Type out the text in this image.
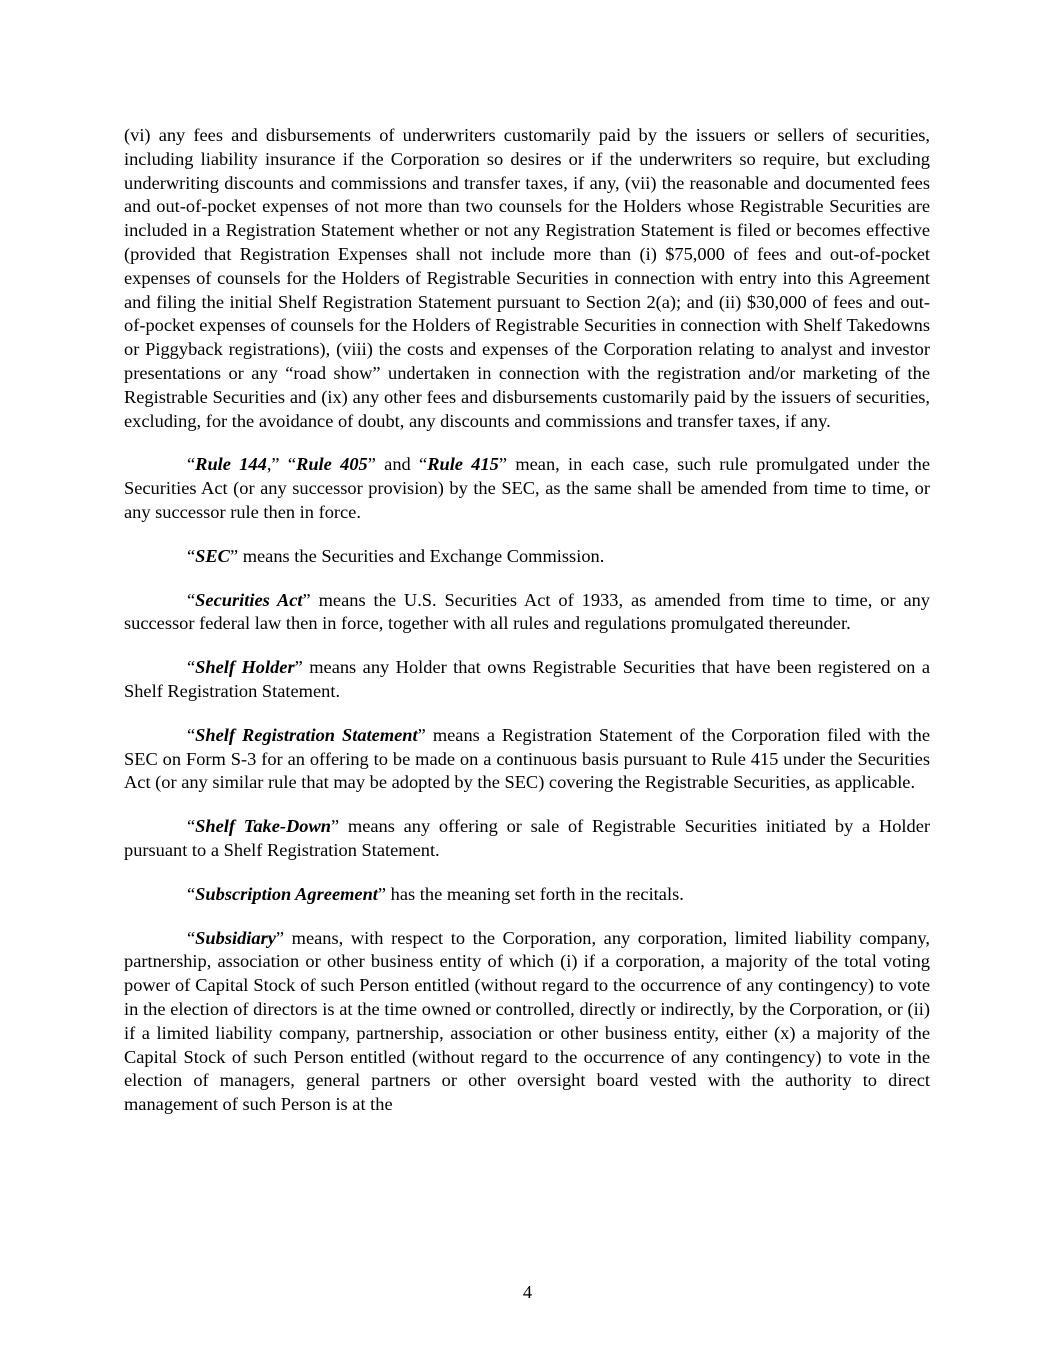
(vi) any fees and disbursements of underwriters customarily paid by the issuers or sellers of securities, including liability insurance if the Corporation so desires or if the underwriters so require, but excluding underwriting discounts and commissions and transfer taxes, if any, (vii) the reasonable and documented fees and out-of-pocket expenses of not more than two counsels for the Holders whose Registrable Securities are included in a Registration Statement whether or not any Registration Statement is filed or becomes effective (provided that Registration Expenses shall not include more than (i) $75,000 of fees and out-of-pocket expenses of counsels for the Holders of Registrable Securities in connection with entry into this Agreement and filing the initial Shelf Registration Statement pursuant to Section 2(a); and (ii) $30,000 of fees and out-of-pocket expenses of counsels for the Holders of Registrable Securities in connection with Shelf Takedowns or Piggyback registrations), (viii) the costs and expenses of the Corporation relating to analyst and investor presentations or any “road show” undertaken in connection with the registration and/or marketing of the Registrable Securities and (ix) any other fees and disbursements customarily paid by the issuers of securities, excluding, for the avoidance of doubt, any discounts and commissions and transfer taxes, if any.

“Rule 144,” “Rule 405” and “Rule 415” mean, in each case, such rule promulgated under the Securities Act (or any successor provision) by the SEC, as the same shall be amended from time to time, or any successor rule then in force.

“SEC” means the Securities and Exchange Commission.

“Securities Act” means the U.S. Securities Act of 1933, as amended from time to time, or any successor federal law then in force, together with all rules and regulations promulgated thereunder.

“Shelf Holder” means any Holder that owns Registrable Securities that have been registered on a Shelf Registration Statement.

“Shelf Registration Statement” means a Registration Statement of the Corporation filed with the SEC on Form S-3 for an offering to be made on a continuous basis pursuant to Rule 415 under the Securities Act (or any similar rule that may be adopted by the SEC) covering the Registrable Securities, as applicable.

“Shelf Take-Down” means any offering or sale of Registrable Securities initiated by a Holder pursuant to a Shelf Registration Statement.

“Subscription Agreement” has the meaning set forth in the recitals.

“Subsidiary” means, with respect to the Corporation, any corporation, limited liability company, partnership, association or other business entity of which (i) if a corporation, a majority of the total voting power of Capital Stock of such Person entitled (without regard to the occurrence of any contingency) to vote in the election of directors is at the time owned or controlled, directly or indirectly, by the Corporation, or (ii) if a limited liability company, partnership, association or other business entity, either (x) a majority of the Capital Stock of such Person entitled (without regard to the occurrence of any contingency) to vote in the election of managers, general partners or other oversight board vested with the authority to direct management of such Person is at the

4
